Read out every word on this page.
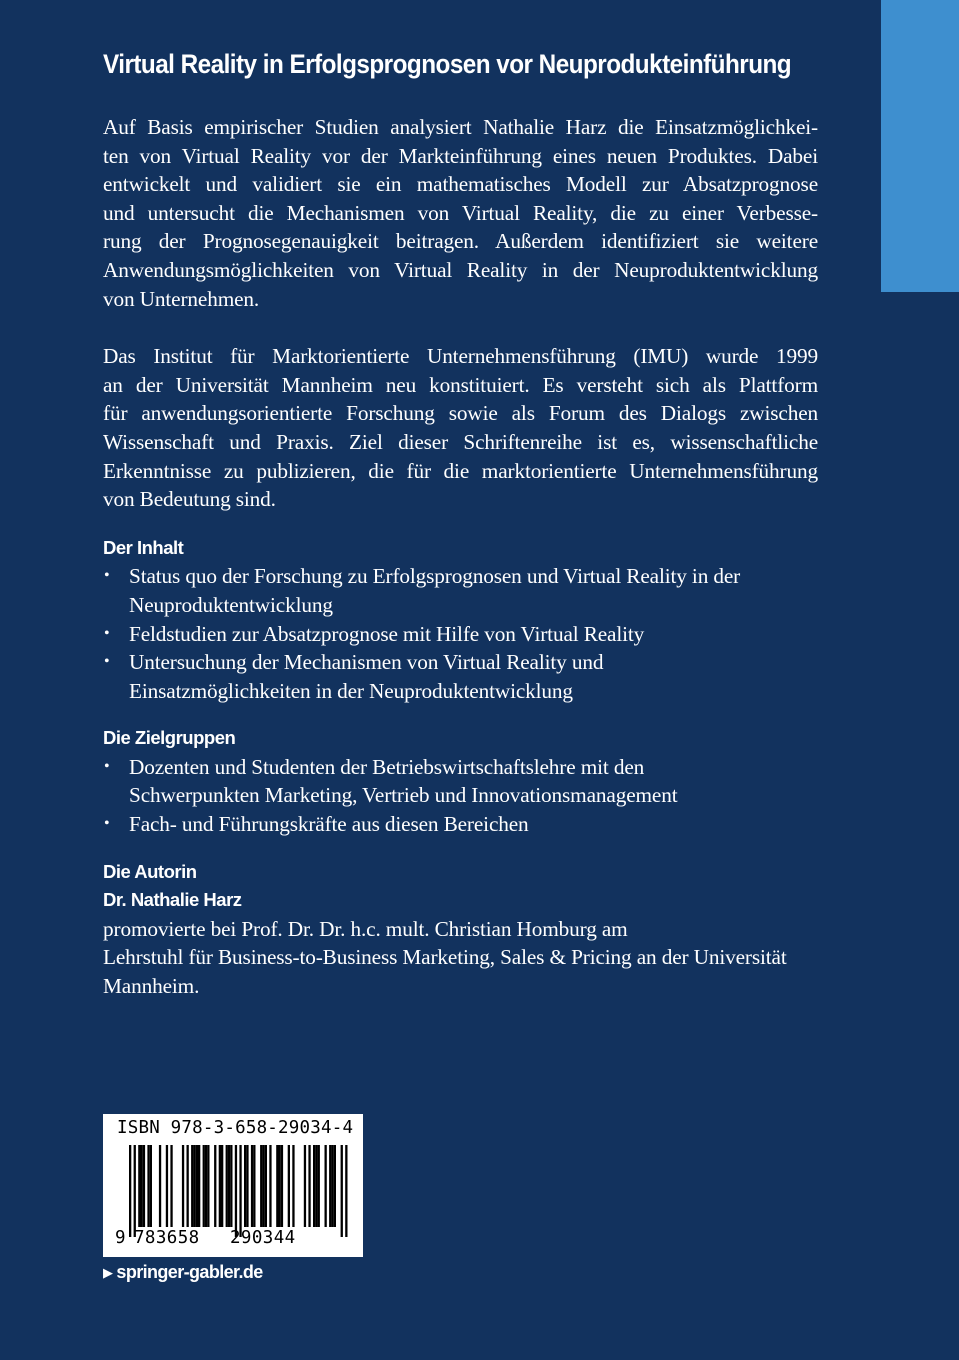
Virtual Reality in Erfolgsprognosen vor Neuprodukteinführung
Auf Basis empirischer Studien analysiert Nathalie Harz die Einsatzmöglichkei-
ten von Virtual Reality vor der Markteinführung eines neuen Produktes. Dabei
entwickelt und validiert sie ein mathematisches Modell zur Absatzprognose
und untersucht die Mechanismen von Virtual Reality, die zu einer Verbesse-
rung der Prognosegenauigkeit beitragen. Außerdem identifiziert sie weitere
Anwendungsmöglichkeiten von Virtual Reality in der Neuproduktentwicklung
von Unternehmen.
Das Institut für Marktorientierte Unternehmensführung (IMU) wurde 1999
an der Universität Mannheim neu konstituiert. Es versteht sich als Plattform
für anwendungsorientierte Forschung sowie als Forum des Dialogs zwischen
Wissenschaft und Praxis. Ziel dieser Schriftenreihe ist es, wissenschaftliche
Erkenntnisse zu publizieren, die für die marktorientierte Unternehmensführung
von Bedeutung sind.
Der Inhalt
• Status quo der Forschung zu Erfolgsprognosen und Virtual Reality in der
Neuproduktentwicklung
• Feldstudien zur Absatzprognose mit Hilfe von Virtual Reality
• Untersuchung der Mechanismen von Virtual Reality und
Einsatzmöglichkeiten in der Neuproduktentwicklung
Die Zielgruppen
• Dozenten und Studenten der Betriebswirtschaftslehre mit den
Schwerpunkten Marketing, Vertrieb und Innovationsmanagement
• Fach- und Führungskräfte aus diesen Bereichen
Die Autorin
Dr. Nathalie Harz
promovierte bei Prof. Dr. Dr. h.c. mult. Christian Homburg am
Lehrstuhl für Business-to-Business Marketing, Sales & Pricing an der Universität
Mannheim.
ISBN 978-3-658-29034-4
9 783658 290344
▶ springer-gabler.de
